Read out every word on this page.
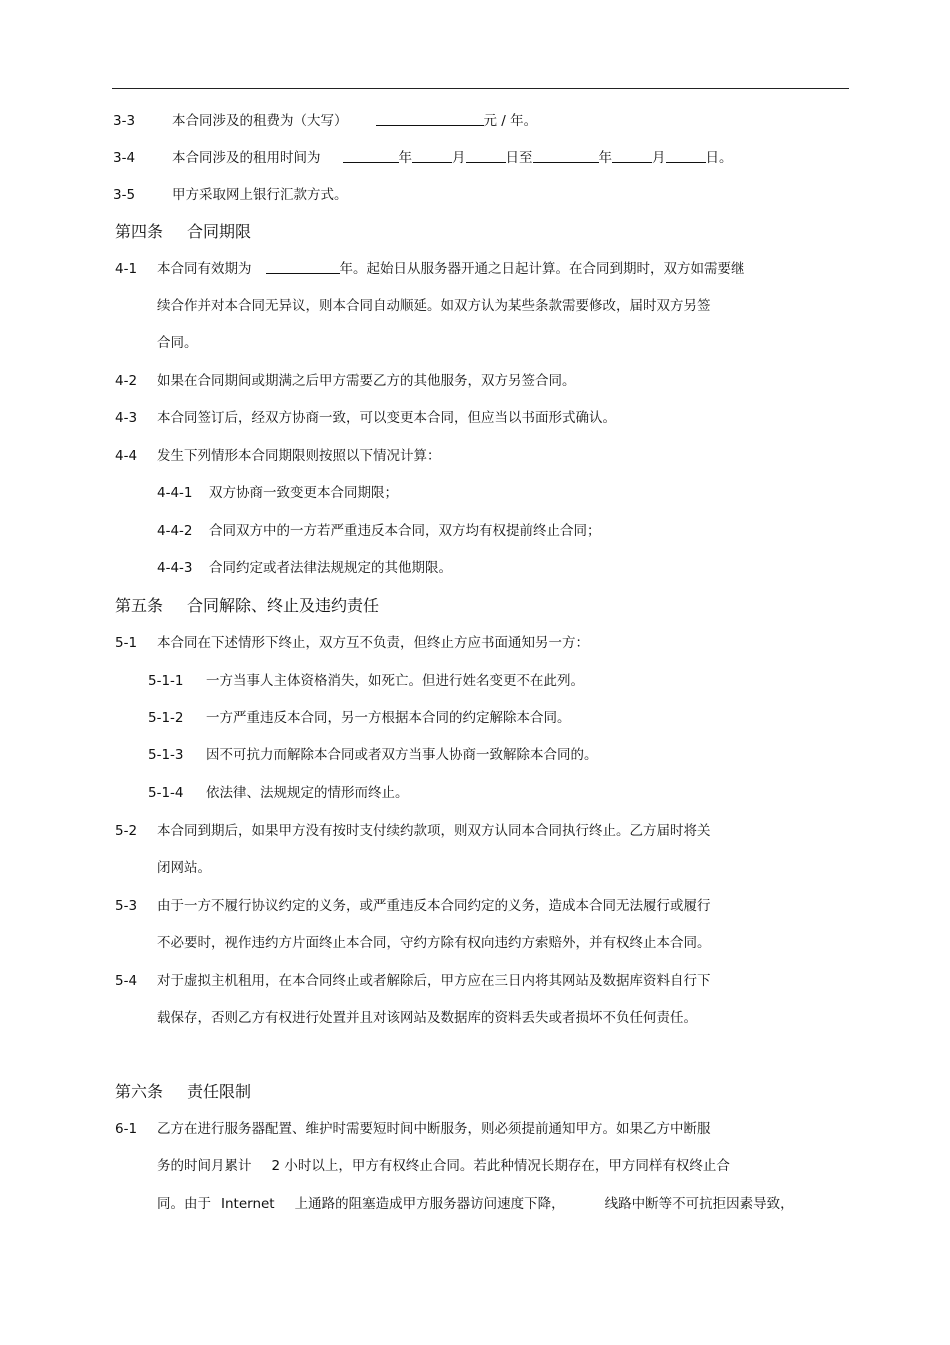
3-3	本合同涉及的租费为（大写）	元 / 年。
3-4	本合同涉及的租用时间为	年	月	日至	年	月	日。
3-5	甲方采取网上银行汇款方式。
第四条 合同期限
4-1 本合同有效期为	年。起始日从服务器开通之日起计算。在合同到期时，双方如需要继
续合作并对本合同无异议，则本合同自动顺延。如双方认为某些条款需要修改，届时双方另签
合同。
4-2 如果在合同期间或期满之后甲方需要乙方的其他服务，双方另签合同。
4-3 本合同签订后，经双方协商一致，可以变更本合同，但应当以书面形式确认。
4-4 发生下列情形本合同期限则按照以下情况计算：
4-4-1 双方协商一致变更本合同期限；
4-4-2 合同双方中的一方若严重违反本合同，双方均有权提前终止合同；
4-4-3 合同约定或者法律法规规定的其他期限。
第五条 合同解除、终止及违约责任
5-1 本合同在下述情形下终止，双方互不负责，但终止方应书面通知另一方：
5-1-1 一方当事人主体资格消失，如死亡。但进行姓名变更不在此列。
5-1-2 一方严重违反本合同，另一方根据本合同的约定解除本合同。
5-1-3 因不可抗力而解除本合同或者双方当事人协商一致解除本合同的。
5-1-4 依法律、法规规定的情形而终止。
5-2 本合同到期后，如果甲方没有按时支付续约款项，则双方认同本合同执行终止。乙方届时将关
闭网站。
5-3 由于一方不履行协议约定的义务，或严重违反本合同约定的义务，造成本合同无法履行或履行
不必要时，视作违约方片面终止本合同，守约方除有权向违约方索赔外，并有权终止本合同。
5-4 对于虚拟主机租用，在本合同终止或者解除后，甲方应在三日内将其网站及数据库资料自行下
载保存，否则乙方有权进行处置并且对该网站及数据库的资料丢失或者损坏不负任何责任。
第六条 责任限制
6-1 乙方在进行服务器配置、维护时需要短时间中断服务，则必须提前通知甲方。如果乙方中断服
务的时间月累计 2 小时以上，甲方有权终止合同。若此种情况长期存在，甲方同样有权终止合
同。由于 Internet 上通路的阻塞造成甲方服务器访问速度下降，	线路中断等不可抗拒因素导致，
